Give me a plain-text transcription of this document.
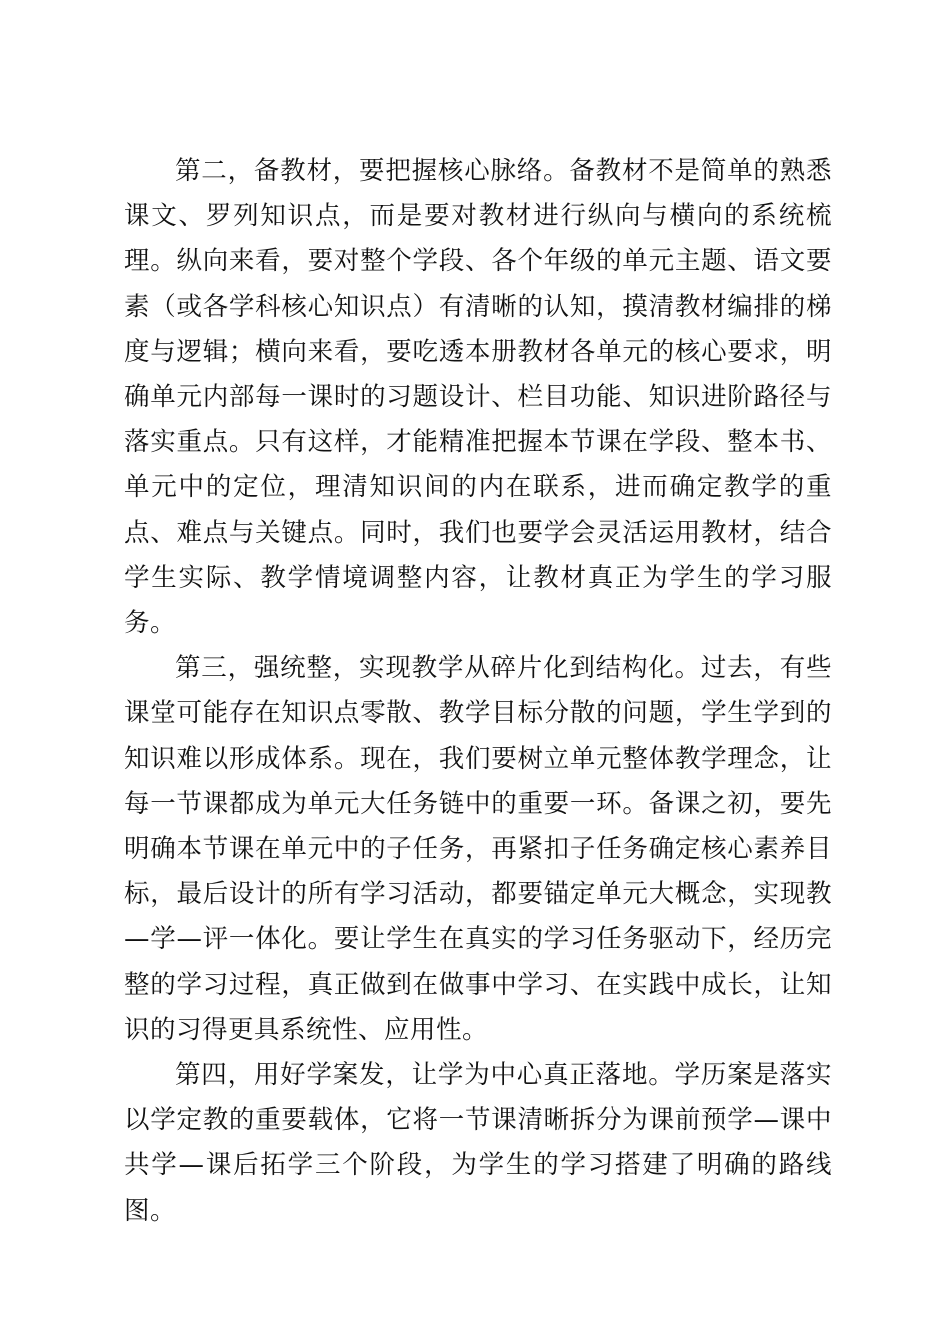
第二，备教材，要把握核心脉络。备教材不是简单的熟悉课文、罗列知识点，而是要对教材进行纵向与横向的系统梳理。纵向来看，要对整个学段、各个年级的单元主题、语文要素（或各学科核心知识点）有清晰的认知，摸清教材编排的梯度与逻辑；横向来看，要吃透本册教材各单元的核心要求，明确单元内部每一课时的习题设计、栏目功能、知识进阶路径与落实重点。只有这样，才能精准把握本节课在学段、整本书、单元中的定位，理清知识间的内在联系，进而确定教学的重点、难点与关键点。同时，我们也要学会灵活运用教材，结合学生实际、教学情境调整内容，让教材真正为学生的学习服务。

第三，强统整，实现教学从碎片化到结构化。过去，有些课堂可能存在知识点零散、教学目标分散的问题，学生学到的知识难以形成体系。现在，我们要树立单元整体教学理念，让每一节课都成为单元大任务链中的重要一环。备课之初，要先明确本节课在单元中的子任务，再紧扣子任务确定核心素养目标，最后设计的所有学习活动，都要锚定单元大概念，实现教—学—评一体化。要让学生在真实的学习任务驱动下，经历完整的学习过程，真正做到在做事中学习、在实践中成长，让知识的习得更具系统性、应用性。

第四，用好学案发，让学为中心真正落地。学历案是落实以学定教的重要载体，它将一节课清晰拆分为课前预学—课中共学—课后拓学三个阶段，为学生的学习搭建了明确的路线图。
